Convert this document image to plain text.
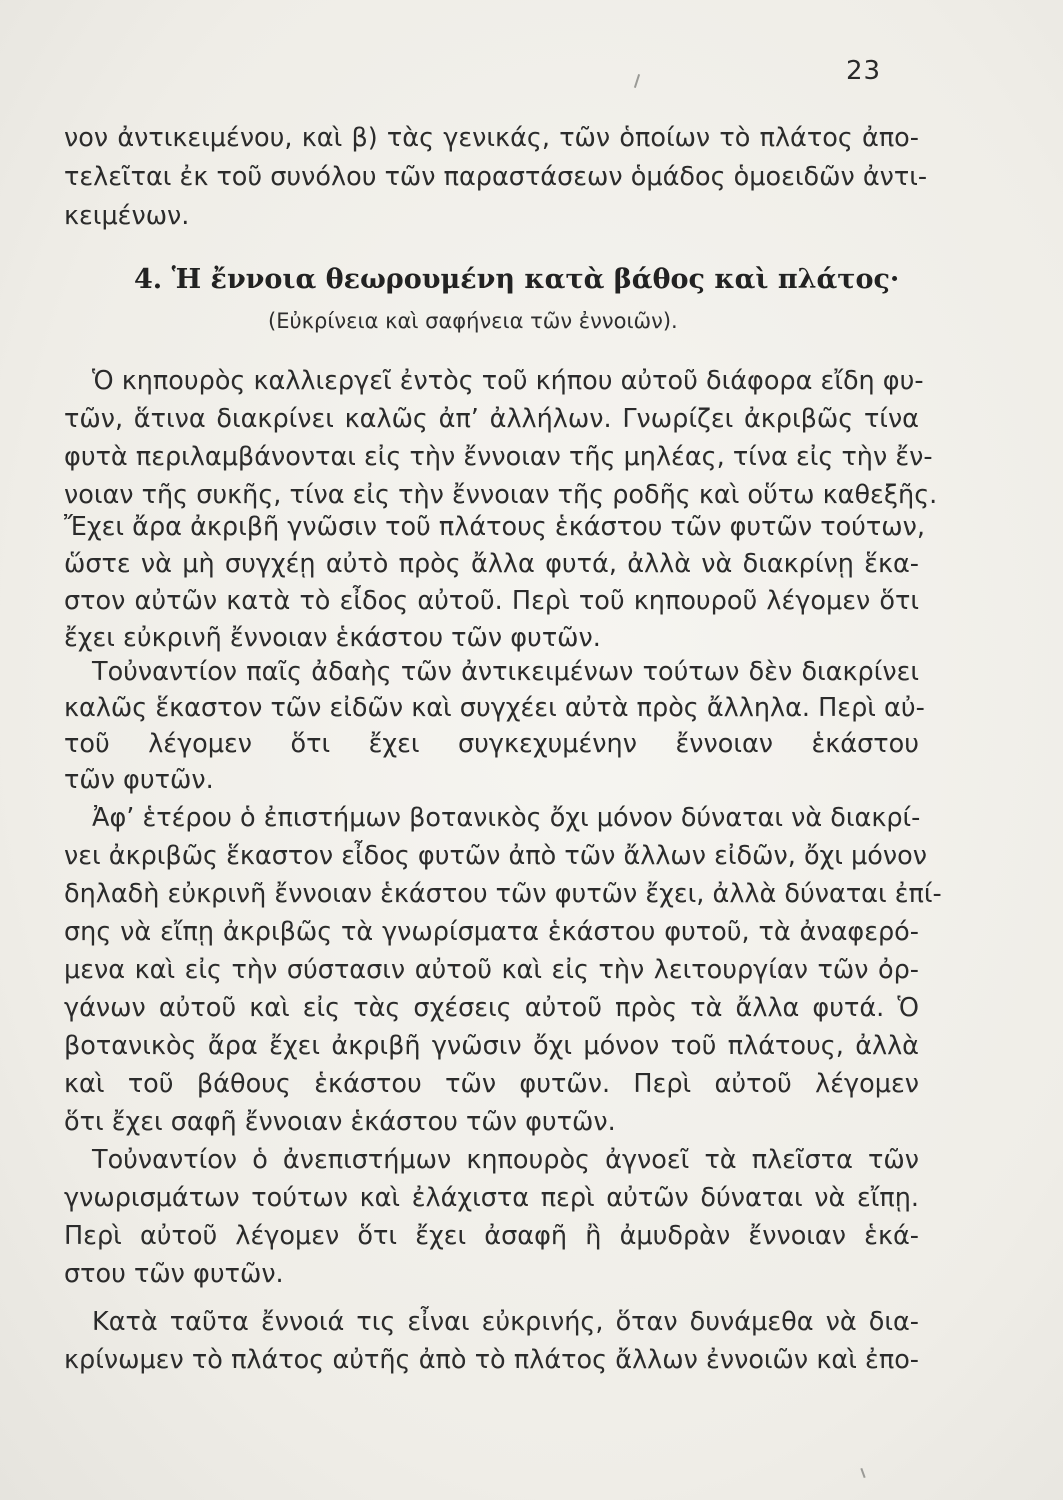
23
νον ἀντικειμένου, καὶ β) τὰς γενικάς, τῶν ὁποίων τὸ πλάτος ἀπο-
τελεῖται ἐκ τοῦ συνόλου τῶν παραστάσεων ὁμάδος ὁμοειδῶν ἀντι-
κειμένων.
4. Ἡ ἔννοια θεωρουμένη κατὰ βάθος καὶ πλάτος·
(Εὐκρίνεια καὶ σαφήνεια τῶν ἐννοιῶν).
Ὁ κηπουρὸς καλλιεργεῖ ἐντὸς τοῦ κήπου αὐτοῦ διάφορα εἴδη φυ-
τῶν, ἅτινα διακρίνει καλῶς ἀπ’ ἀλλήλων. Γνωρίζει ἀκριβῶς τίνα
φυτὰ περιλαμβάνονται εἰς τὴν ἔννοιαν τῆς μηλέας, τίνα εἰς τὴν ἔν-
νοιαν τῆς συκῆς, τίνα εἰς τὴν ἔννοιαν τῆς ροδῆς καὶ οὕτω καθεξῆς.
Ἔχει ἄρα ἀκριβῆ γνῶσιν τοῦ πλάτους ἑκάστου τῶν φυτῶν τούτων,
ὥστε νὰ μὴ συγχέῃ αὐτὸ πρὸς ἄλλα φυτά, ἀλλὰ νὰ διακρίνῃ ἕκα-
στον αὐτῶν κατὰ τὸ εἶδος αὐτοῦ. Περὶ τοῦ κηπουροῦ λέγομεν ὅτι
ἔχει εὐκρινῆ ἔννοιαν ἑκάστου τῶν φυτῶν.
Τοὐναντίον παῖς ἀδαὴς τῶν ἀντικειμένων τούτων δὲν διακρίνει
καλῶς ἕκαστον τῶν εἰδῶν καὶ συγχέει αὐτὰ πρὸς ἄλληλα. Περὶ αὐ-
τοῦ λέγομεν ὅτι ἔχει συγκεχυμένην ἔννοιαν ἑκάστου
τῶν φυτῶν.
Ἀφ’ ἑτέρου ὁ ἐπιστήμων βοτανικὸς ὄχι μόνον δύναται νὰ διακρί-
νει ἀκριβῶς ἕκαστον εἶδος φυτῶν ἀπὸ τῶν ἄλλων εἰδῶν, ὄχι μόνον
δηλαδὴ εὐκρινῆ ἔννοιαν ἑκάστου τῶν φυτῶν ἔχει, ἀλλὰ δύναται ἐπί-
σης νὰ εἴπῃ ἀκριβῶς τὰ γνωρίσματα ἑκάστου φυτοῦ, τὰ ἀναφερό-
μενα καὶ εἰς τὴν σύστασιν αὐτοῦ καὶ εἰς τὴν λειτουργίαν τῶν ὀρ-
γάνων αὐτοῦ καὶ εἰς τὰς σχέσεις αὐτοῦ πρὸς τὰ ἄλλα φυτά. Ὁ
βοτανικὸς ἄρα ἔχει ἀκριβῆ γνῶσιν ὄχι μόνον τοῦ πλάτους, ἀλλὰ
καὶ τοῦ βάθους ἑκάστου τῶν φυτῶν. Περὶ αὐτοῦ λέγομεν
ὅτι ἔχει σαφῆ ἔννοιαν ἑκάστου τῶν φυτῶν.
Τοὐναντίον ὁ ἀνεπιστήμων κηπουρὸς ἀγνοεῖ τὰ πλεῖστα τῶν
γνωρισμάτων τούτων καὶ ἐλάχιστα περὶ αὐτῶν δύναται νὰ εἴπῃ.
Περὶ αὐτοῦ λέγομεν ὅτι ἔχει ἀσαφῆ ἢ ἀμυδρὰν ἔννοιαν ἑκά-
στου τῶν φυτῶν.
Κατὰ ταῦτα ἔννοιά τις εἶναι εὐκρινής, ὅταν δυνάμεθα νὰ δια-
κρίνωμεν τὸ πλάτος αὐτῆς ἀπὸ τὸ πλάτος ἄλλων ἐννοιῶν καὶ ἐπο-
